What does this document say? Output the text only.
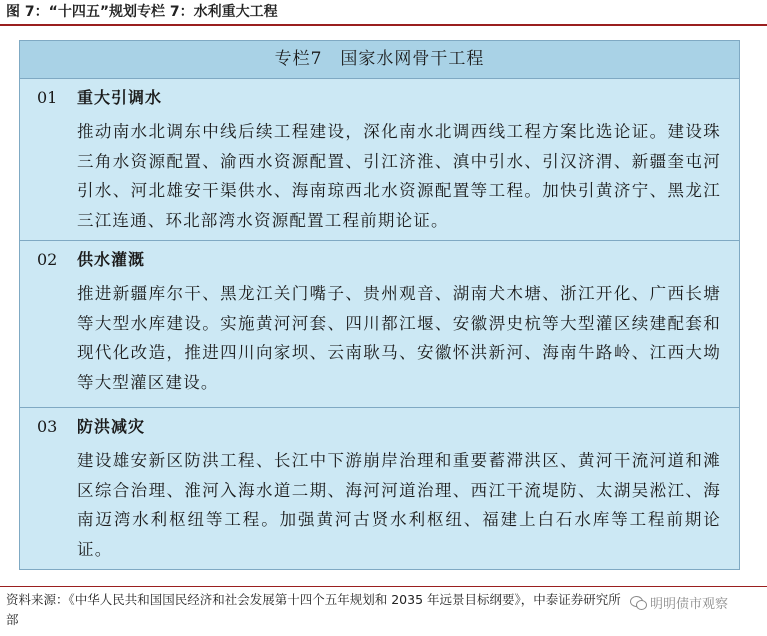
图 7：“十四五”规划专栏 7：水利重大工程
专栏7　国家水网骨干工程
01 重大引调水
推动南水北调东中线后续工程建设，深化南水北调西线工程方案比选论证。建设珠三角水资源配置、渝西水资源配置、引江济淮、滇中引水、引汉济渭、新疆奎屯河引水、河北雄安干渠供水、海南琼西北水资源配置等工程。加快引黄济宁、黑龙江三江连通、环北部湾水资源配置工程前期论证。
02 供水灌溉
推进新疆库尔干、黑龙江关门嘴子、贵州观音、湖南犬木塘、浙江开化、广西长塘等大型水库建设。实施黄河河套、四川都江堰、安徽淠史杭等大型灌区续建配套和现代化改造，推进四川向家坝、云南耿马、安徽怀洪新河、海南牛路岭、江西大坳等大型灌区建设。
03 防洪减灾
建设雄安新区防洪工程、长江中下游崩岸治理和重要蓄滞洪区、黄河干流河道和滩区综合治理、淮河入海水道二期、海河河道治理、西江干流堤防、太湖吴淞江、海南迈湾水利枢纽等工程。加强黄河古贤水利枢纽、福建上白石水库等工程前期论证。
资料来源：《中华人民共和国国民经济和社会发展第十四个五年规划和 2035 年远景目标纲要》，中泰证券研究所部
明明债市观察
